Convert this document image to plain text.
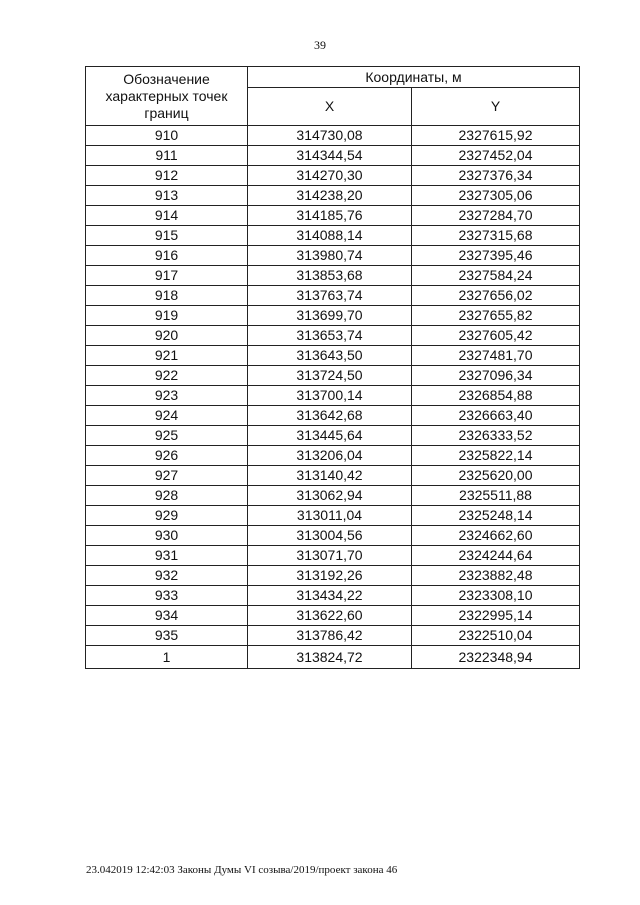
39
Обозначение характерных точек границ	Координаты, м	
	X	Y
910	314730,08	2327615,92
911	314344,54	2327452,04
912	314270,30	2327376,34
913	314238,20	2327305,06
914	314185,76	2327284,70
915	314088,14	2327315,68
916	313980,74	2327395,46
917	313853,68	2327584,24
918	313763,74	2327656,02
919	313699,70	2327655,82
920	313653,74	2327605,42
921	313643,50	2327481,70
922	313724,50	2327096,34
923	313700,14	2326854,88
924	313642,68	2326663,40
925	313445,64	2326333,52
926	313206,04	2325822,14
927	313140,42	2325620,00
928	313062,94	2325511,88
929	313011,04	2325248,14
930	313004,56	2324662,60
931	313071,70	2324244,64
932	313192,26	2323882,48
933	313434,22	2323308,10
934	313622,60	2322995,14
935	313786,42	2322510,04
1	313824,72	2322348,94
23.042019 12:42:03 Законы Думы VI созыва/2019/проект закона 46
